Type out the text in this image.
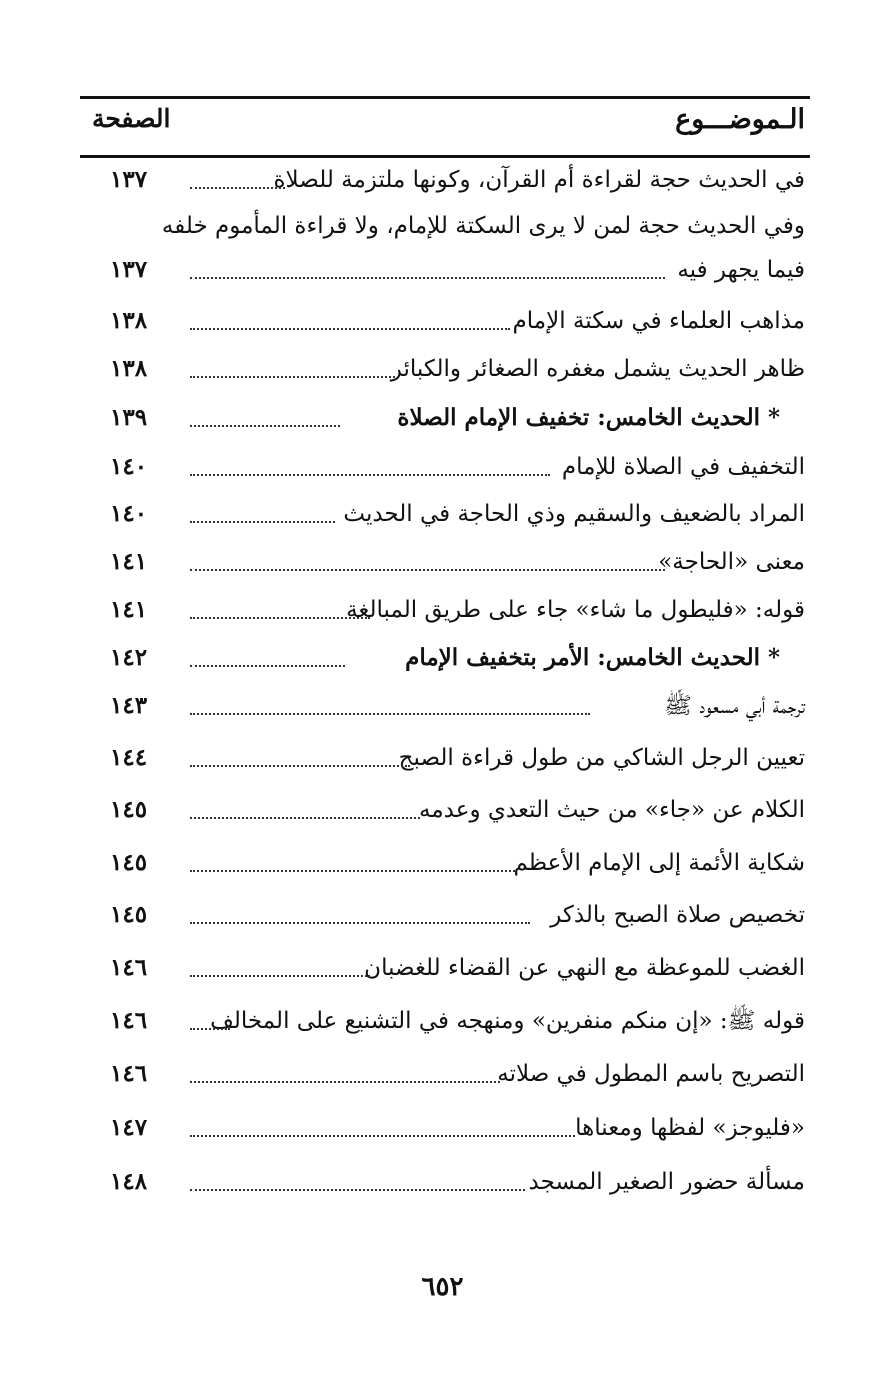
الـموضـــوع
الصفحة
في الحديث حجة لقراءة أم القرآن، وكونها ملتزمة للصلاة
١٣٧
وفي الحديث حجة لمن لا يرى السكتة للإمام، ولا قراءة المأموم خلفه
فيما يجهر فيه
١٣٧
مذاهب العلماء في سكتة الإمام
١٣٨
ظاهر الحديث يشمل مغفره الصغائر والكبائر
١٣٨
* الحديث الخامس: تخفيف الإمام الصلاة
١٣٩
التخفيف في الصلاة للإمام
١٤٠
المراد بالضعيف والسقيم وذي الحاجة في الحديث
١٤٠
معنى «الحاجة»
١٤١
قوله: «فليطول ما شاء» جاء على طريق المبالغة
١٤١
* الحديث الخامس: الأمر بتخفيف الإمام
١٤٢
ترجمة أبي مسعود ﷺ
١٤٣
تعيين الرجل الشاكي من طول قراءة الصبح
١٤٤
الكلام عن «جاء» من حيث التعدي وعدمه
١٤٥
شكاية الأئمة إلى الإمام الأعظم
١٤٥
تخصيص صلاة الصبح بالذكر
١٤٥
الغضب للموعظة مع النهي عن القضاء للغضبان
١٤٦
قوله ﷺ: «إن منكم منفرين» ومنهجه في التشنيع على المخالف
١٤٦
التصريح باسم المطول في صلاته
١٤٦
«فليوجز» لفظها ومعناها
١٤٧
مسألة حضور الصغير المسجد
١٤٨
٦٥٢
